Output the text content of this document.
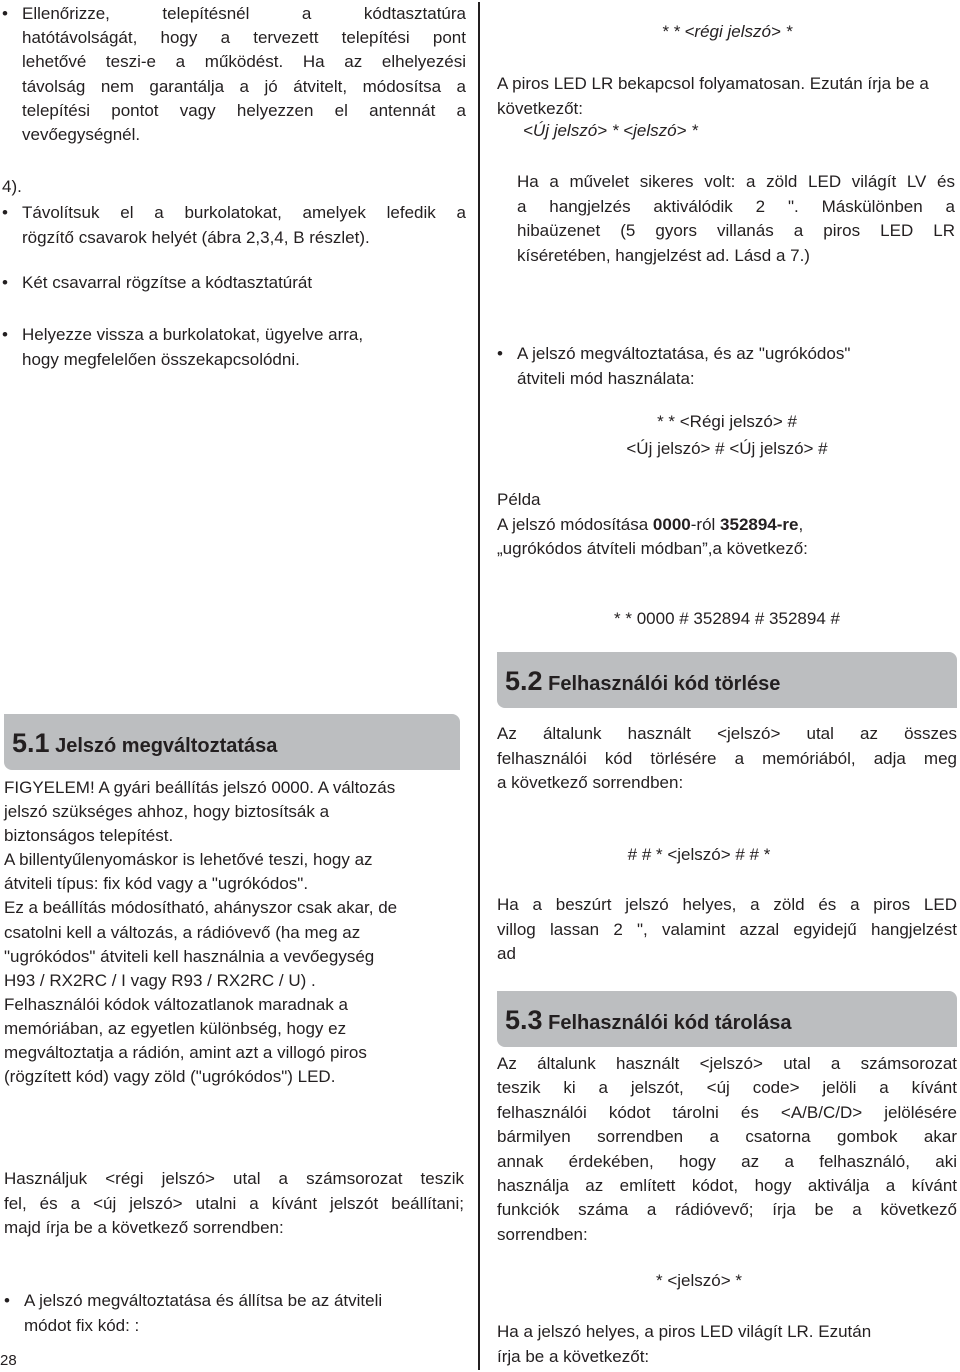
• Ellenőrizze, telepítésnél a kódtasztatúra
hatótávolságát, hogy a tervezett telepítési pont
lehetővé teszi-e a működést. Ha az elhelyezési
távolság nem garantálja a jó átvitelt, módosítsa a
telepítési pontot vagy helyezzen el antennát a
vevőegységnél.
4).
• Távolítsuk el a burkolatokat, amelyek lefedik a
rögzítő csavarok helyét (ábra 2,3,4, B részlet).
• Két csavarral rögzítse a kódtasztatúrát
• Helyezze vissza a burkolatokat, ügyelve arra,
hogy megfelelően összekapcsolódni.
5.1 Jelszó megváltoztatása
FIGYELEM! A gyári beállítás jelszó 0000. A változás
jelszó szükséges ahhoz, hogy biztosítsák a
biztonságos telepítést.
A billentyűlenyomáskor is lehetővé teszi, hogy az
átviteli típus: fix kód vagy a "ugrókódos".
Ez a beállítás módosítható, ahányszor csak akar, de
csatolni kell a változás, a rádióvevő (ha meg az
"ugrókódos" átviteli kell használnia a vevőegység
H93 / RX2RC / I vagy R93 / RX2RC / U) .
Felhasználói kódok változatlanok maradnak a
memóriában, az egyetlen különbség, hogy ez
megváltoztatja a rádión, amint azt a villogó piros
(rögzített kód) vagy zöld ("ugrókódos") LED.
Használjuk <régi jelszó> utal a számsorozat teszik
fel, és a <új jelszó> utalni a kívánt jelszót beállítani;
majd írja be a következő sorrendben:
• A jelszó megváltoztatása és állítsa be az átviteli
módot fix kód: :
28
* * <régi jelszó> *
A piros LED LR bekapcsol folyamatosan. Ezután írja be a
következőt:
<Új jelszó> * <jelszó> *
Ha a művelet sikeres volt: a zöld LED világít LV és
a hangjelzés aktiválódik 2 ". Máskülönben a
hibaüzenet (5 gyors villanás a piros LED LR
kíséretében, hangjelzést ad. Lásd a 7.)
• A jelszó megváltoztatása, és az "ugrókódos"
átviteli mód használata:
* * <Régi jelszó> #
<Új jelszó> # <Új jelszó> #
Példa
A jelszó módosítása 0000-ról 352894-re,
„ugrókódos átvíteli módban”,a következő:
* * 0000 # 352894 # 352894 #
5.2 Felhasználói kód törlése
Az általunk használt <jelszó> utal az összes
felhasználói kód törlésére a memóriából, adja meg
a következő sorrendben:
# # * <jelszó> # # *
Ha a beszúrt jelszó helyes, a zöld és a piros LED
villog lassan 2 ", valamint azzal egyidejű hangjelzést
ad
5.3 Felhasználói kód tárolása
Az általunk használt <jelszó> utal a számsorozat
teszik ki a jelszót, <új code> jelöli a kívánt
felhasználói kódot tárolni és <A/B/C/D> jelölésére
bármilyen sorrendben a csatorna gombok akar
annak érdekében, hogy az a felhasználó, aki
használja az említett kódot, hogy aktiválja a kívánt
funkciók száma a rádióvevő; írja be a következő
sorrendben:
* <jelszó> *
Ha a jelszó helyes, a piros LED világít LR. Ezután
írja be a következőt:
